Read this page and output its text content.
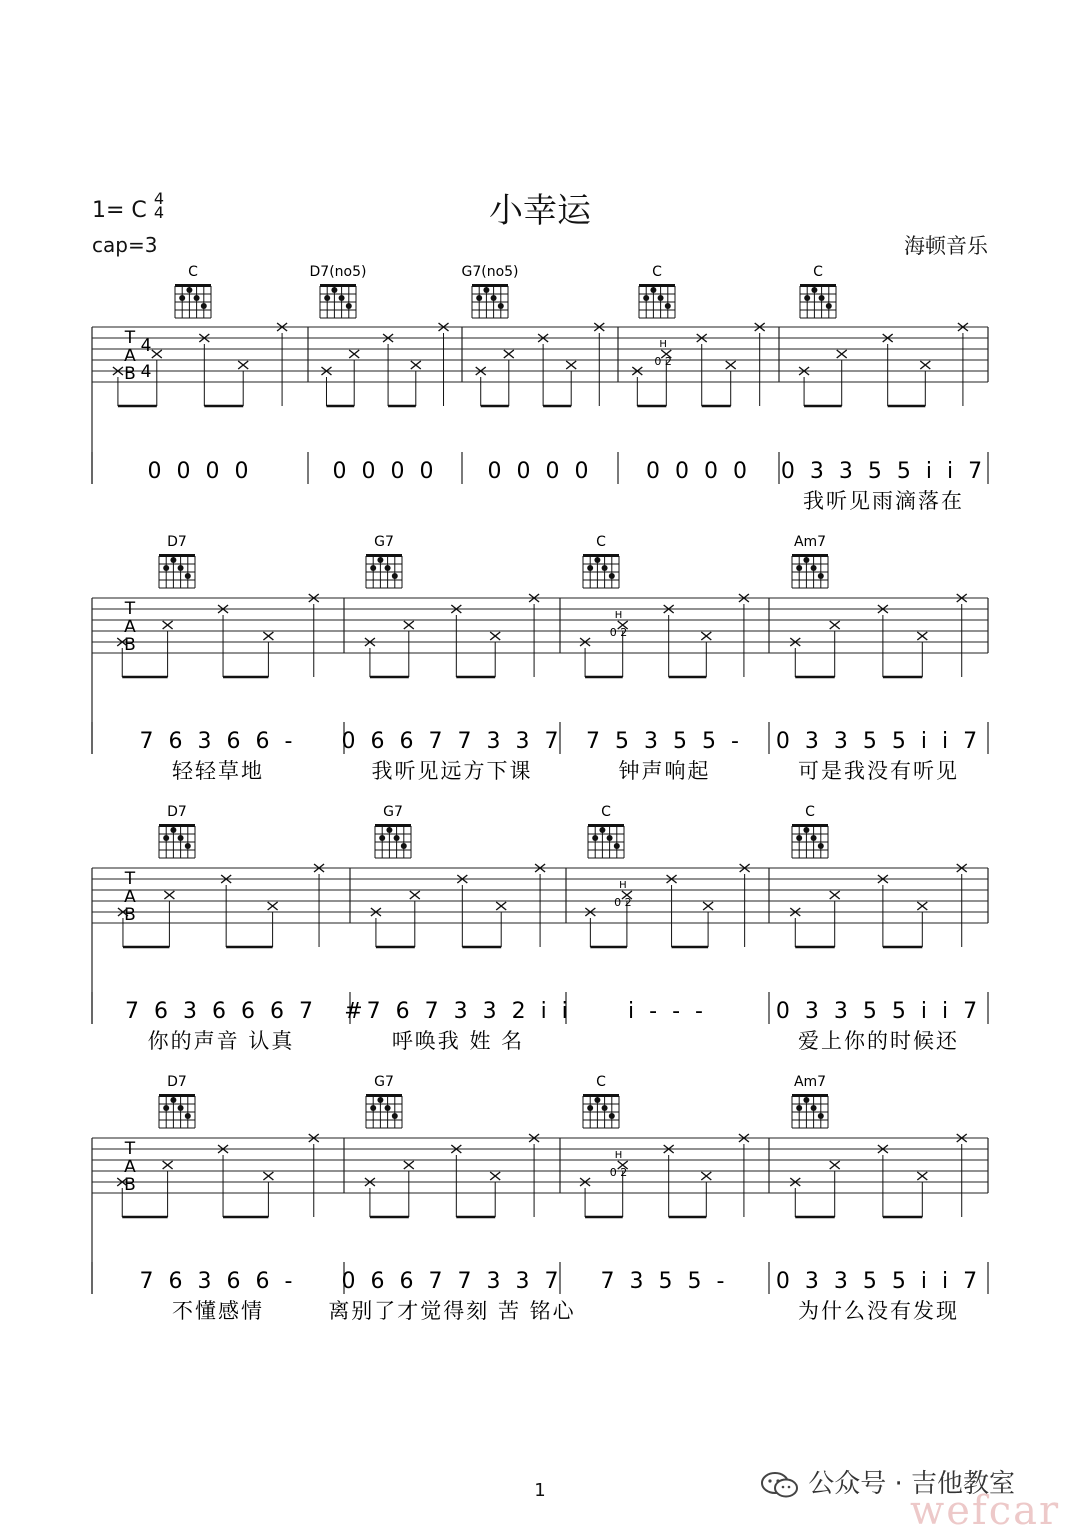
小幸运
1= C 4
4
cap=3	海顿音乐
C	D7(no5)	G7(no5)	C	C
T
A
B
4
4
0 0 0 0	0 0 0 0 0 0 0 0
H
0 2
0 0 0 0 0 3 3 5 5 i i 7
我听见雨滴落在
D7	G7	C	Am7
T
A
B
7 6 3 6 6 -
轻轻草地
0 6 6 7 7 3 3 7
我听见远方下课
H
0 2
7 5 3 5 5 -
钟声响起
0 3 3 5 5 i i 7
可是我没有听见
D7	G7	C	C
T
A
B
7 6 3 6 6 6 7
你的声音 认真
#7 6 7 3 3 2 i i
呼唤我 姓 名
H
0 2
i - - -	0 3 3 5 5 i i 7
爱上你的时候还
D7	G7	C	Am7
T
A
B
7 6 3 6 6 -
不懂感情
0 6 6 7 7 3 3 7
离别了才觉得刻 苦 铭心
H
0 2
7 3 5 5 - 0 3 3 5 5 i i 7
为什么没有发现
1	公众号 · 吉他教室
wefcar
